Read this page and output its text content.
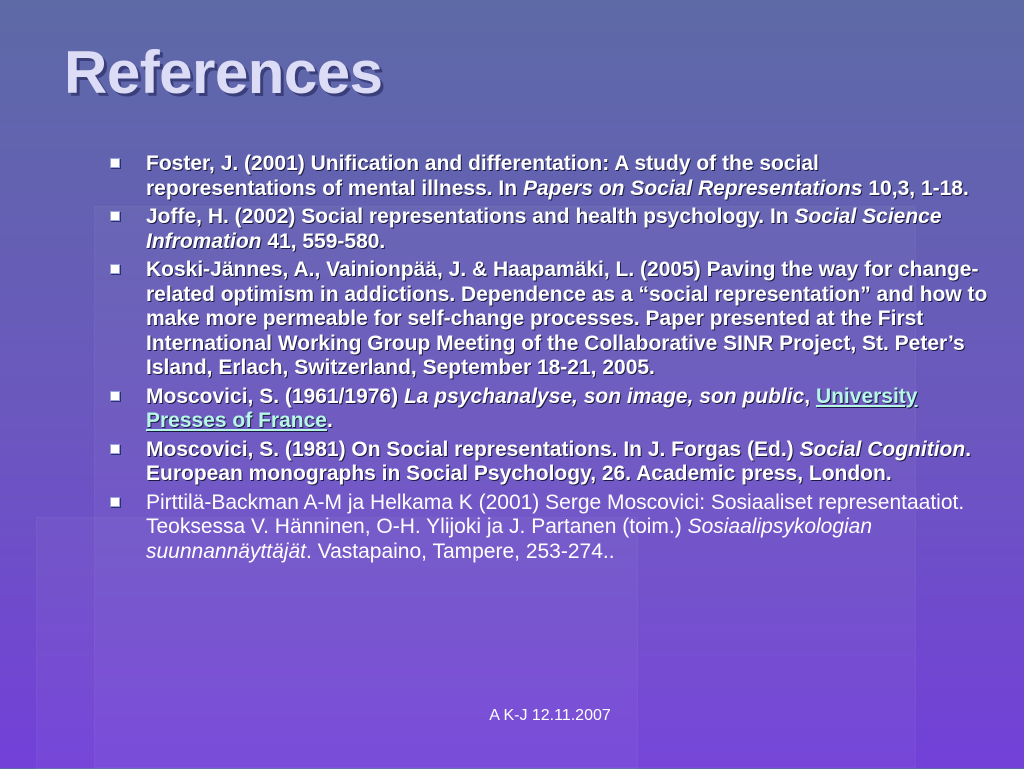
References
Foster, J. (2001) Unification and differentation: A study of the social reporesentations of mental illness. In Papers on Social Representations 10,3, 1-18.
Joffe, H. (2002) Social representations and health psychology. In Social Science Infromation 41, 559-580.
Koski-Jännes, A., Vainionpää, J. & Haapamäki, L. (2005) Paving the way for change-related optimism in addictions. Dependence as a “social representation” and how to make more permeable for self-change processes. Paper presented at the First International Working Group Meeting of the Collaborative SINR Project, St. Peter’s Island, Erlach, Switzerland, September 18-21, 2005.
Moscovici, S. (1961/1976) La psychanalyse, son image, son public, University Presses of France.
Moscovici, S. (1981) On Social representations. In J. Forgas (Ed.) Social Cognition. European monographs in Social Psychology, 26. Academic press, London.
Pirttilä-Backman A-M ja Helkama K (2001) Serge Moscovici: Sosiaaliset representaatiot. Teoksessa V. Hänninen, O-H. Ylijoki ja J. Partanen (toim.) Sosiaalipsykologian suunnannäyttäjät. Vastapaino, Tampere, 253-274..
A K-J 12.11.2007
